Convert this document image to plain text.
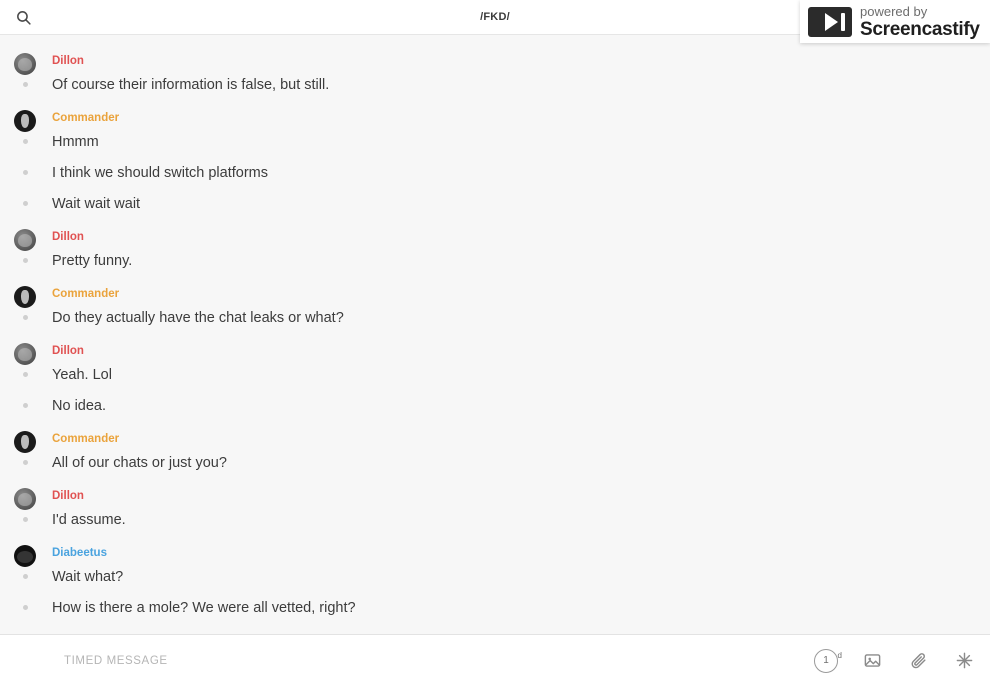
/FKD/	powered by
Screencastify
Dillon
Of course their information is false, but still.
Commander
Hmmm
I think we should switch platforms
Wait wait wait
Dillon
Pretty funny.
Commander
Do they actually have the chat leaks or what?
Dillon
Yeah. Lol
No idea.
Commander
All of our chats or just you?
Dillon
I'd assume.
Diabeetus
Wait what?
How is there a mole? We were all vetted, right?
TIMED MESSAGE
1 $^d$
